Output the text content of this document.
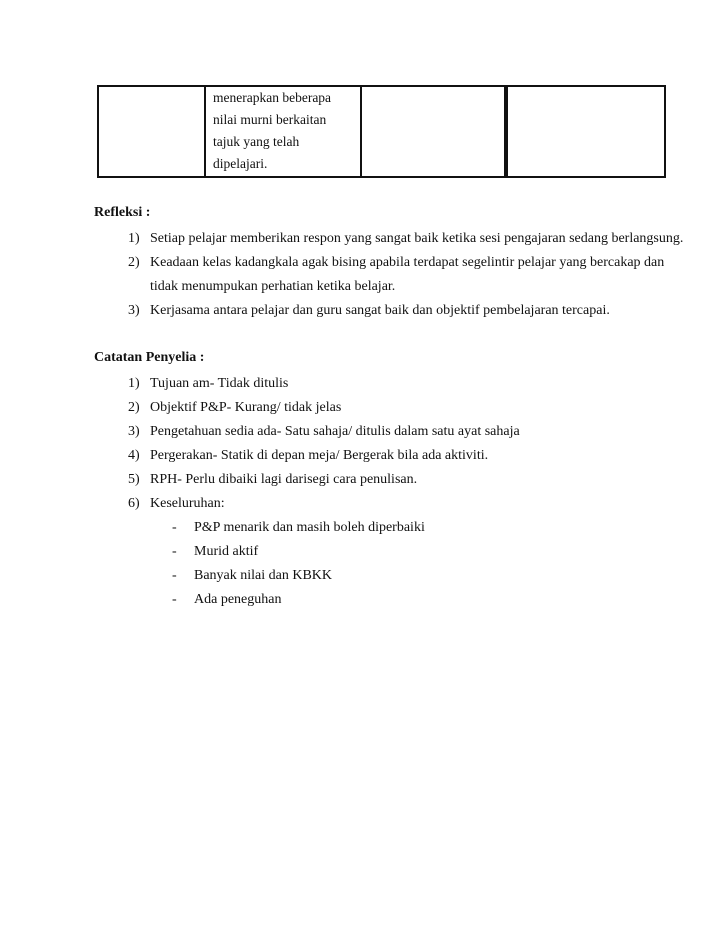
menerapkan beberapa
nilai murni berkaitan
tajuk yang telah
dipelajari.
Refleksi :
1) Setiap pelajar memberikan respon yang sangat baik ketika sesi pengajaran sedang berlangsung.
2) Keadaan kelas kadangkala agak bising apabila terdapat segelintir pelajar yang bercakap dan tidak menumpukan perhatian ketika belajar.
3) Kerjasama antara pelajar dan guru sangat baik dan objektif pembelajaran tercapai.
Catatan Penyelia :
1) Tujuan am- Tidak ditulis
2) Objektif P&P- Kurang/ tidak jelas
3) Pengetahuan sedia ada- Satu sahaja/ ditulis dalam satu ayat sahaja
4) Pergerakan- Statik di depan meja/ Bergerak bila ada aktiviti.
5) RPH- Perlu dibaiki lagi darisegi cara penulisan.
6) Keseluruhan:
- P&P menarik dan masih boleh diperbaiki
- Murid aktif
- Banyak nilai dan KBKK
- Ada peneguhan
